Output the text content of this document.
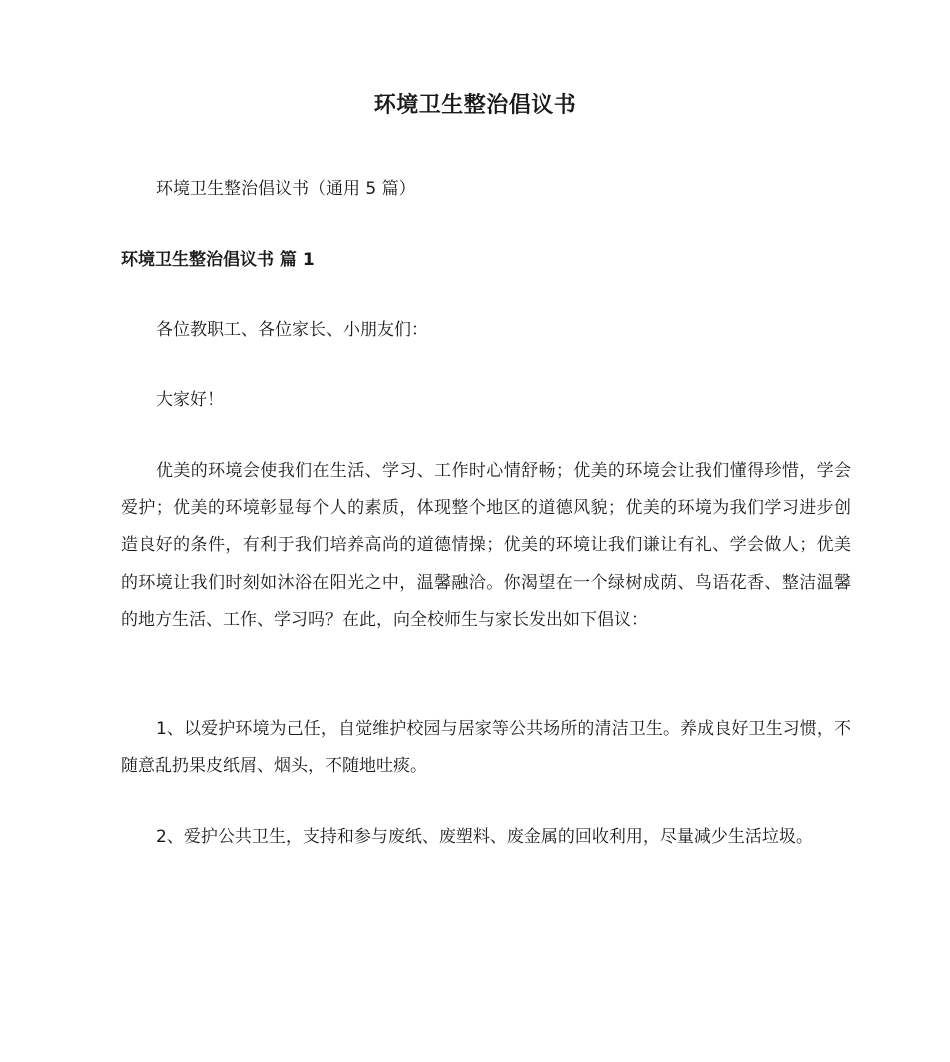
环境卫生整治倡议书
环境卫生整治倡议书（通用 5 篇）
环境卫生整治倡议书 篇 1

各位教职工、各位家长、小朋友们：

大家好！

优美的环境会使我们在生活、学习、工作时心情舒畅；优美的环境会让我们懂得珍惜，学会爱护；优美的环境彰显每个人的素质，体现整个地区的道德风貌；优美的环境为我们学习进步创造良好的条件，有利于我们培养高尚的道德情操；优美的环境让我们谦让有礼、学会做人；优美的环境让我们时刻如沐浴在阳光之中，温馨融洽。你渴望在一个绿树成荫、鸟语花香、整洁温馨的地方生活、工作、学习吗？在此，向全校师生与家长发出如下倡议：

1、以爱护环境为己任，自觉维护校园与居家等公共场所的清洁卫生。养成良好卫生习惯，不随意乱扔果皮纸屑、烟头，不随地吐痰。

2、爱护公共卫生，支持和参与废纸、废塑料、废金属的回收利用，尽量减少生活垃圾。
